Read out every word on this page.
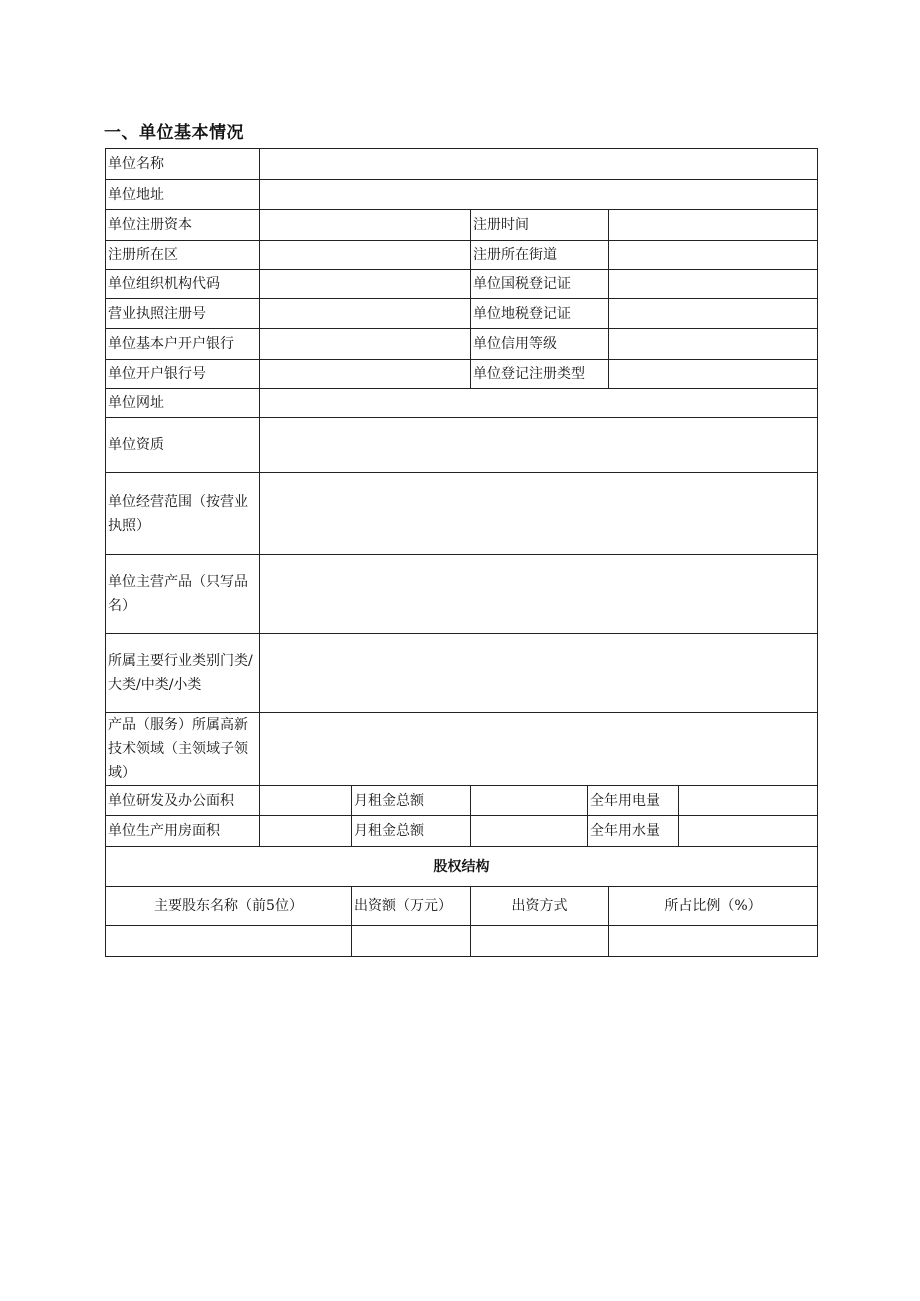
一、单位基本情况
单位名称						

单位地址						

单位注册资本			注册时间			

注册所在区			注册所在街道			

单位组织机构代码			单位国税登记证			

营业执照注册号			单位地税登记证			

单位基本户开户银行			单位信用等级			

单位开户银行号			单位登记注册类型			

单位网址						

单位资质						

单位经营范围（按营业执照）						

单位主营产品（只写品名）						

所属主要行业类别门类/大类/中类/小类						

产品（服务）所属高新技术领域（主领域子领域）						

单位研发及办公面积		月租金总额		全年用电量		

单位生产用房面积		月租金总额		全年用水量		

股权结构						
主要股东名称（前5位）		出资额（万元）	出资方式		所占比例（%）	
